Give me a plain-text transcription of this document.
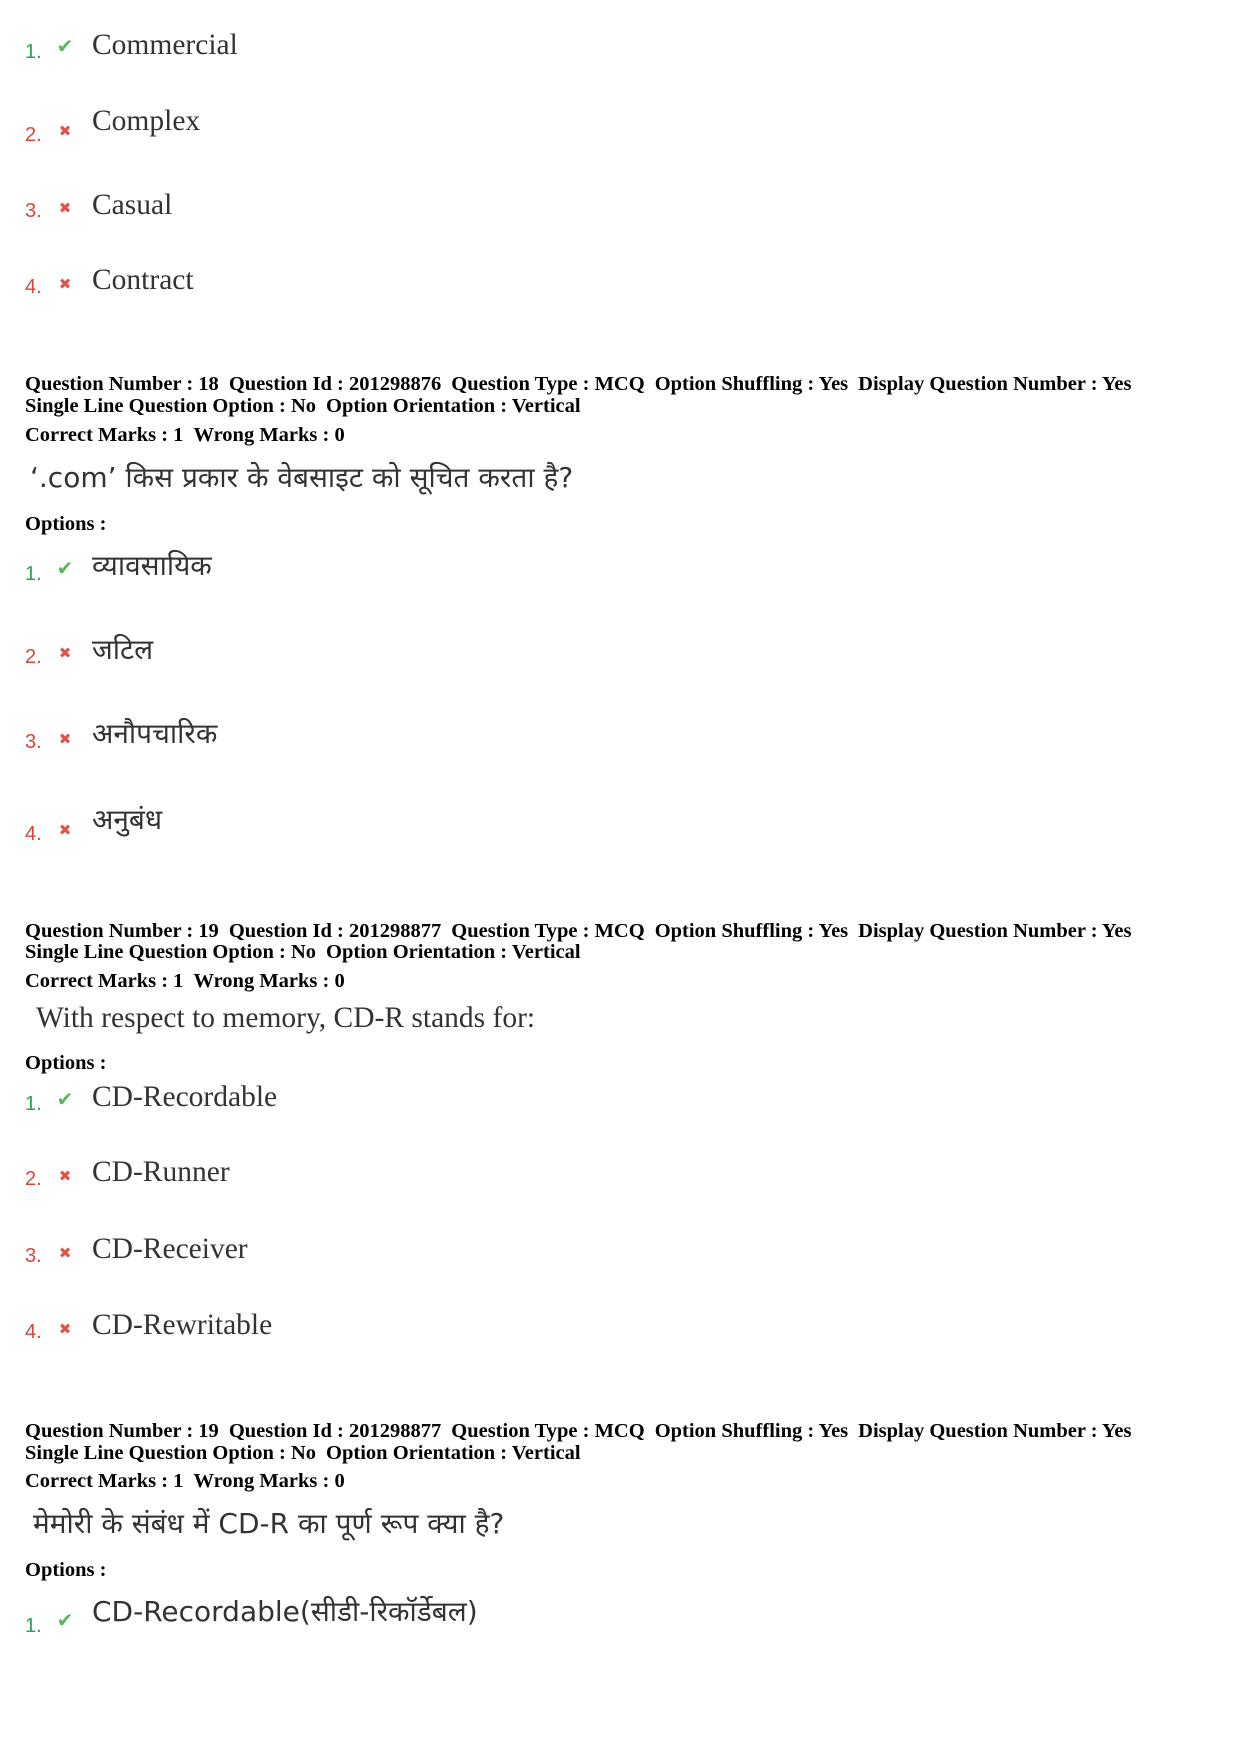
1. ✔ Commercial
2. ✖ Complex
3. ✖ Casual
4. ✖ Contract
Question Number : 18 Question Id : 201298876 Question Type : MCQ Option Shuffling : Yes Display Question Number : Yes
Single Line Question Option : No Option Orientation : Vertical
Correct Marks : 1 Wrong Marks : 0
‘.com’ किस प्रकार के वेबसाइट को सूचित करता है?
Options :
1. ✔ व्यावसायिक
2. ✖ जटिल
3. ✖ अनौपचारिक
4. ✖ अनुबंध
Question Number : 19 Question Id : 201298877 Question Type : MCQ Option Shuffling : Yes Display Question Number : Yes
Single Line Question Option : No Option Orientation : Vertical
Correct Marks : 1 Wrong Marks : 0
With respect to memory, CD-R stands for:
Options :
1. ✔ CD-Recordable
2. ✖ CD-Runner
3. ✖ CD-Receiver
4. ✖ CD-Rewritable
Question Number : 19 Question Id : 201298877 Question Type : MCQ Option Shuffling : Yes Display Question Number : Yes
Single Line Question Option : No Option Orientation : Vertical
Correct Marks : 1 Wrong Marks : 0
मेमोरी के संबंध में CD-R का पूर्ण रूप क्या है?
Options :
1. ✔ CD-Recordable(सीडी-रिकॉर्डेबल)
